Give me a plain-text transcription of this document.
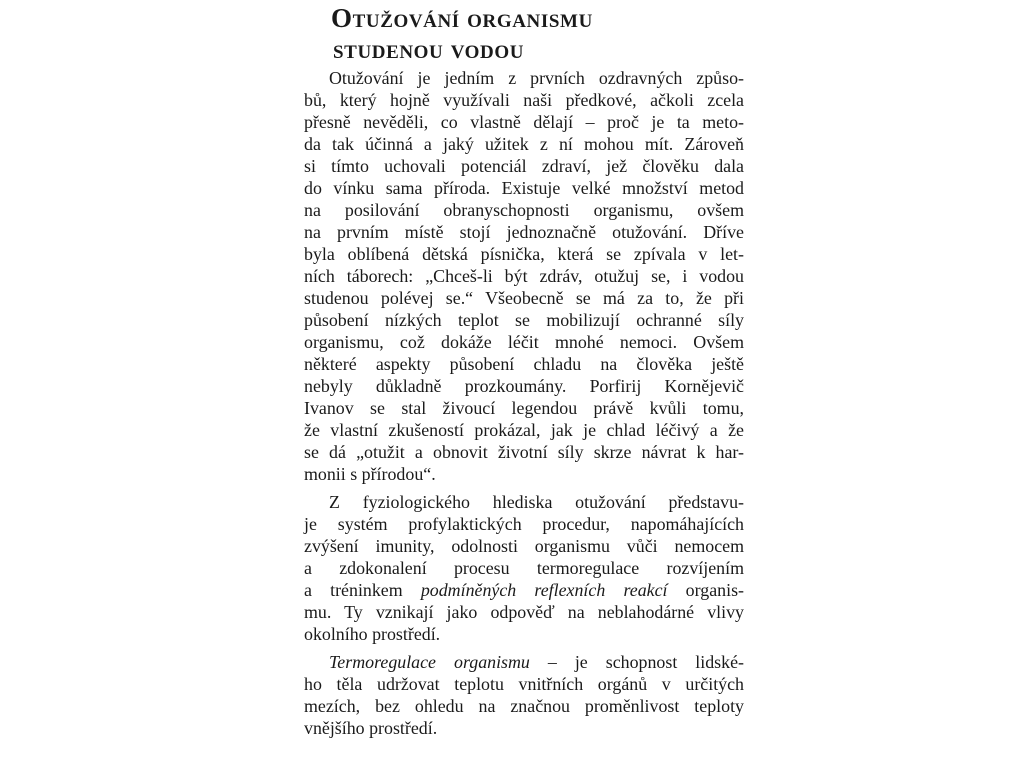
Otužování organismu
studenou vodou
Otužování je jedním z prvních ozdravných způso-
bů, který hojně využívali naši předkové, ačkoli zcela
přesně nevěděli, co vlastně dělají – proč je ta meto-
da tak účinná a jaký užitek z ní mohou mít. Zároveň
si tímto uchovali potenciál zdraví, jež člověku dala
do vínku sama příroda. Existuje velké množství metod
na posilování obranyschopnosti organismu, ovšem
na prvním místě stojí jednoznačně otužování. Dříve
byla oblíbená dětská písnička, která se zpívala v let-
ních táborech: „Chceš-li být zdráv, otužuj se, i vodou
studenou polévej se.“ Všeobecně se má za to, že při
působení nízkých teplot se mobilizují ochranné síly
organismu, což dokáže léčit mnohé nemoci. Ovšem
některé aspekty působení chladu na člověka ještě
nebyly důkladně prozkoumány. Porfirij Kornějevič
Ivanov se stal živoucí legendou právě kvůli tomu,
že vlastní zkušeností prokázal, jak je chlad léčivý a že
se dá „otužit a obnovit životní síly skrze návrat k har-
monii s přírodou“.
Z fyziologického hlediska otužování představu-
je systém profylaktických procedur, napomáhajících
zvýšení imunity, odolnosti organismu vůči nemocem
a zdokonalení procesu termoregulace rozvíjením
a tréninkem podmíněných reflexních reakcí organis-
mu. Ty vznikají jako odpověď na neblahodárné vlivy
okolního prostředí.
Termoregulace organismu – je schopnost lidské-
ho těla udržovat teplotu vnitřních orgánů v určitých
mezích, bez ohledu na značnou proměnlivost teploty
vnějšího prostředí.
